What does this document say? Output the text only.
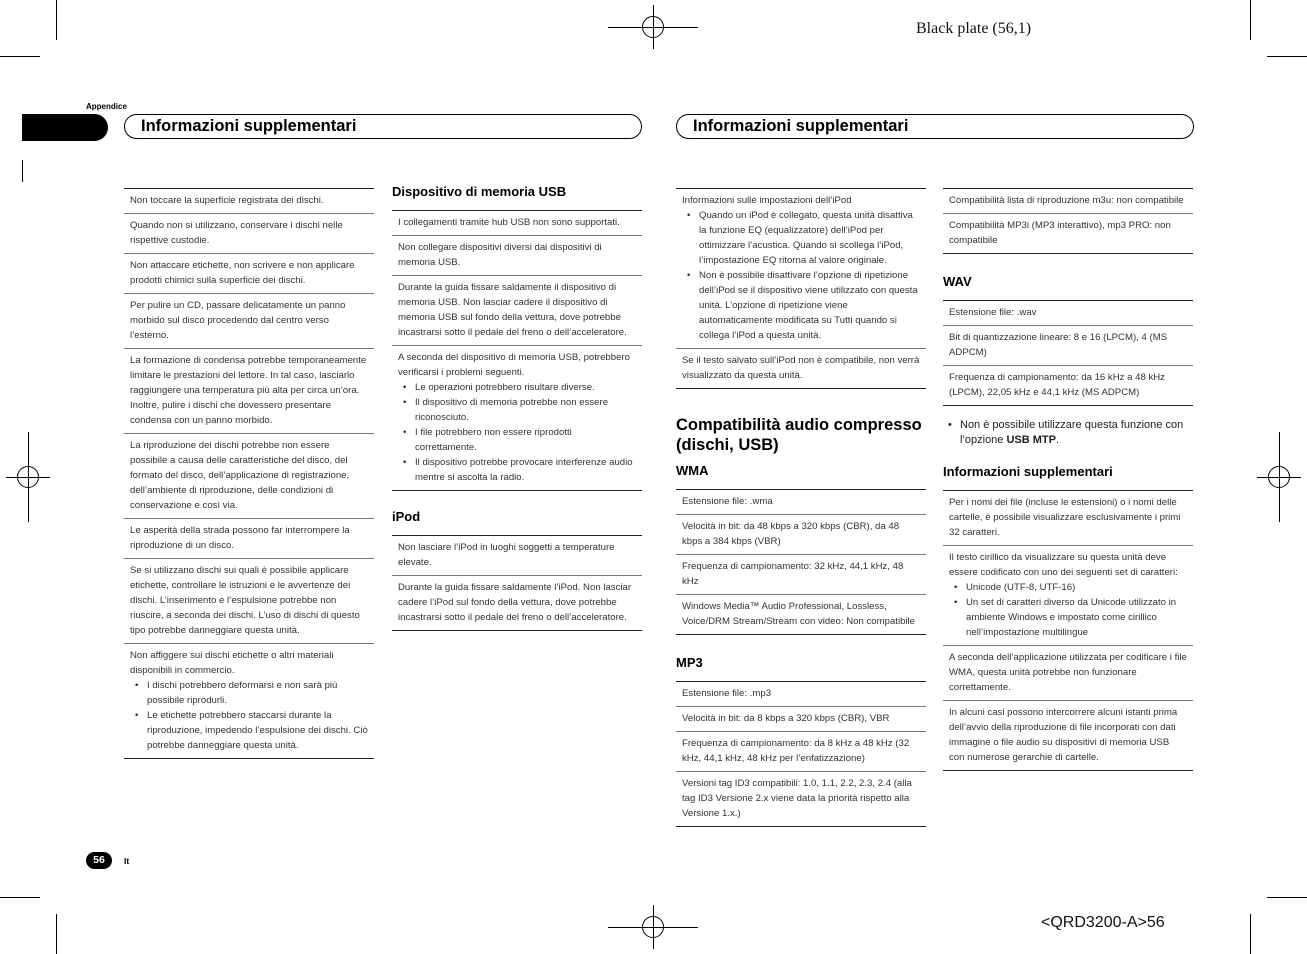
Black plate (56,1)
<QRD3200-A>56
Appendice
Informazioni supplementari	Informazioni supplementari
Non toccare la superficie registrata dei dischi.
Quando non si utilizzano, conservare i dischi nelle rispettive custodie.
Non attaccare etichette, non scrivere e non applicare prodotti chimici sulla superficie dei dischi.
Per pulire un CD, passare delicatamente un panno morbido sul disco procedendo dal centro verso l’esterno.
La formazione di condensa potrebbe temporaneamente limitare le prestazioni del lettore. In tal caso, lasciarlo raggiungere una temperatura più alta per circa un’ora. Inoltre, pulire i dischi che dovessero presentare condensa con un panno morbido.
La riproduzione dei dischi potrebbe non essere possibile a causa delle caratteristiche del disco, del formato del disco, dell’applicazione di registrazione, dell’ambiente di riproduzione, delle condizioni di conservazione e così via.
Le asperità della strada possono far interrompere la riproduzione di un disco.
Se si utilizzano dischi sui quali è possibile applicare etichette, controllare le istruzioni e le avvertenze dei dischi. L’inserimento e l’espulsione potrebbe non riuscire, a seconda dei dischi. L’uso di dischi di questo tipo potrebbe danneggiare questa unità.
Non affiggere sui dischi etichette o altri materiali disponibili in commercio.
• I dischi potrebbero deformarsi e non sarà più possibile riprodurli.
• Le etichette potrebbero staccarsi durante la riproduzione, impedendo l’espulsione dei dischi. Ciò potrebbe danneggiare questa unità.
Dispositivo di memoria USB
I collegamenti tramite hub USB non sono supportati.
Non collegare dispositivi diversi dai dispositivi di memoria USB.
Durante la guida fissare saldamente il dispositivo di memoria USB. Non lasciar cadere il dispositivo di memoria USB sul fondo della vettura, dove potrebbe incastrarsi sotto il pedale del freno o dell’acceleratore.
A seconda del dispositivo di memoria USB, potrebbero verificarsi i problemi seguenti.
• Le operazioni potrebbero risultare diverse.
• Il dispositivo di memoria potrebbe non essere riconosciuto.
• I file potrebbero non essere riprodotti correttamente.
• Il dispositivo potrebbe provocare interferenze audio mentre si ascolta la radio.
iPod
Non lasciare l’iPod in luoghi soggetti a temperature elevate.
Durante la guida fissare saldamente l’iPod. Non lasciar cadere l’iPod sul fondo della vettura, dove potrebbe incastrarsi sotto il pedale del freno o dell’acceleratore.
Informazioni sulle impostazioni dell’iPod
• Quando un iPod è collegato, questa unità disattiva la funzione EQ (equalizzatore) dell’iPod per ottimizzare l’acustica. Quando si scollega l’iPod, l’impostazione EQ ritorna al valore originale.
• Non è possibile disattivare l’opzione di ripetizione dell’iPod se il dispositivo viene utilizzato con questa unità. L’opzione di ripetizione viene automaticamente modificata su Tutti quando si collega l’iPod a questa unità.
Se il testo salvato sull’iPod non è compatibile, non verrà visualizzato da questa unità.
Compatibilità audio compresso (dischi, USB)
WMA
Estensione file: .wma
Velocità in bit: da 48 kbps a 320 kbps (CBR), da 48 kbps a 384 kbps (VBR)
Frequenza di campionamento: 32 kHz, 44,1 kHz, 48 kHz
Windows Media™ Audio Professional, Lossless, Voice/DRM Stream/Stream con video: Non compatibile
MP3
Estensione file: .mp3
Velocità in bit: da 8 kbps a 320 kbps (CBR), VBR
Frequenza di campionamento: da 8 kHz a 48 kHz (32 kHz, 44,1 kHz, 48 kHz per l’enfatizzazione)
Versioni tag ID3 compatibili: 1.0, 1.1, 2.2, 2.3, 2.4 (alla tag ID3 Versione 2.x viene data la priorità rispetto alla Versione 1.x.)
Compatibilità lista di riproduzione m3u: non compatibile
Compatibilità MP3i (MP3 interattivo), mp3 PRO: non compatibile
WAV
Estensione file: .wav
Bit di quantizzazione lineare: 8 e 16 (LPCM), 4 (MS ADPCM)
Frequenza di campionamento: da 16 kHz a 48 kHz (LPCM), 22,05 kHz e 44,1 kHz (MS ADPCM)
• Non è possibile utilizzare questa funzione con l’opzione USB MTP.
Informazioni supplementari
Per i nomi dei file (incluse le estensioni) o i nomi delle cartelle, è possibile visualizzare esclusivamente i primi 32 caratteri.
Il testo cirillico da visualizzare su questa unità deve essere codificato con uno dei seguenti set di caratteri:
• Unicode (UTF-8, UTF-16)
• Un set di caratteri diverso da Unicode utilizzato in ambiente Windows e impostato come cirillico nell’impostazione multilingue
A seconda dell’applicazione utilizzata per codificare i file WMA, questa unità potrebbe non funzionare correttamente.
In alcuni casi possono intercorrere alcuni istanti prima dell’avvio della riproduzione di file incorporati con dati immagine o file audio su dispositivi di memoria USB con numerose gerarchie di cartelle.
56	It
